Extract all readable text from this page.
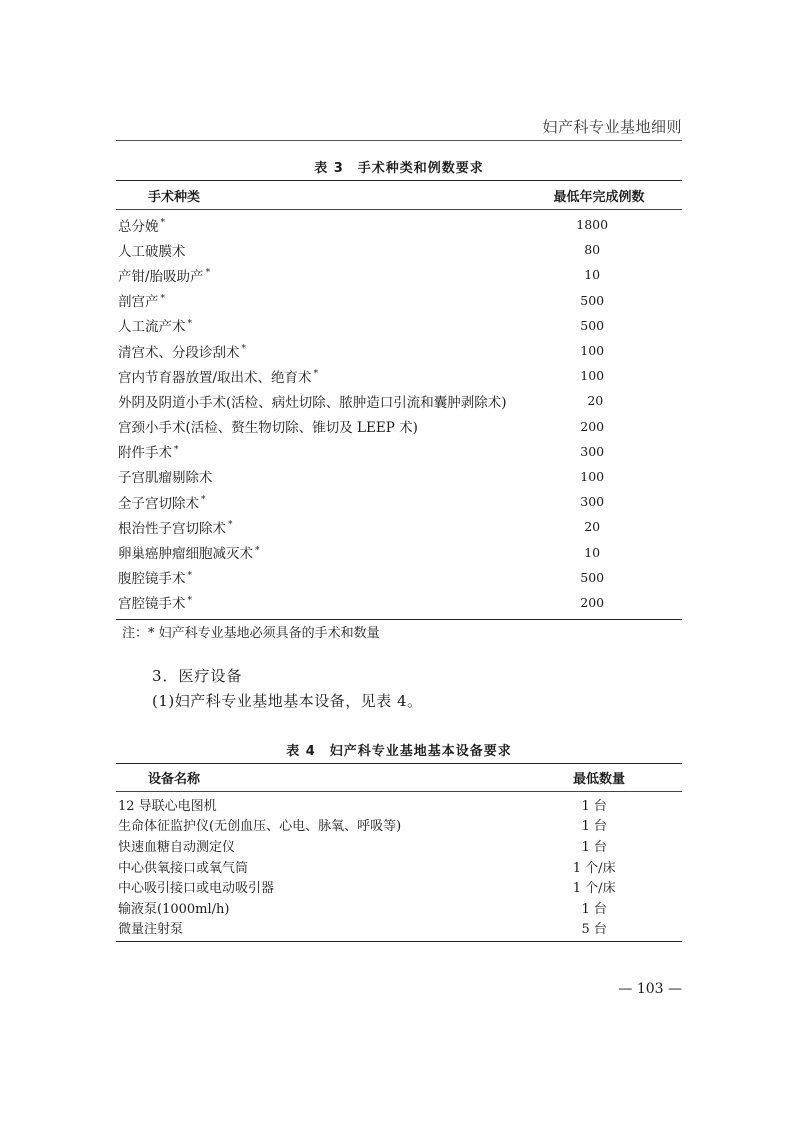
妇产科专业基地细则
表 3　手术种类和例数要求
手术种类	最低年完成例数
总分娩 *	1800
人工破膜术	80
产钳/胎吸助产 *	10
剖宫产 *	500
人工流产术 *	500
清宫术、分段诊刮术 *	100
宫内节育器放置/取出术、绝育术 *	100
外阴及阴道小手术(活检、病灶切除、脓肿造口引流和囊肿剥除术)	20
宫颈小手术(活检、赘生物切除、锥切及 LEEP 术)	200
附件手术 *	300
子宫肌瘤剔除术	100
全子宫切除术 *	300
根治性子宫切除术 *	20
卵巢癌肿瘤细胞减灭术 *	10
腹腔镜手术 *	500
宫腔镜手术 *	200
注：* 妇产科专业基地必须具备的手术和数量
3．医疗设备
(1)妇产科专业基地基本设备，见表 4。
表 4　妇产科专业基地基本设备要求
设备名称	最低数量
12 导联心电图机	1 台
生命体征监护仪(无创血压、心电、脉氧、呼吸等)	1 台
快速血糖自动测定仪	1 台
中心供氧接口或氧气筒	1 个/床
中心吸引接口或电动吸引器	1 个/床
输液泵(1000ml/h)	1 台
微量注射泵	5 台
— 103 —
